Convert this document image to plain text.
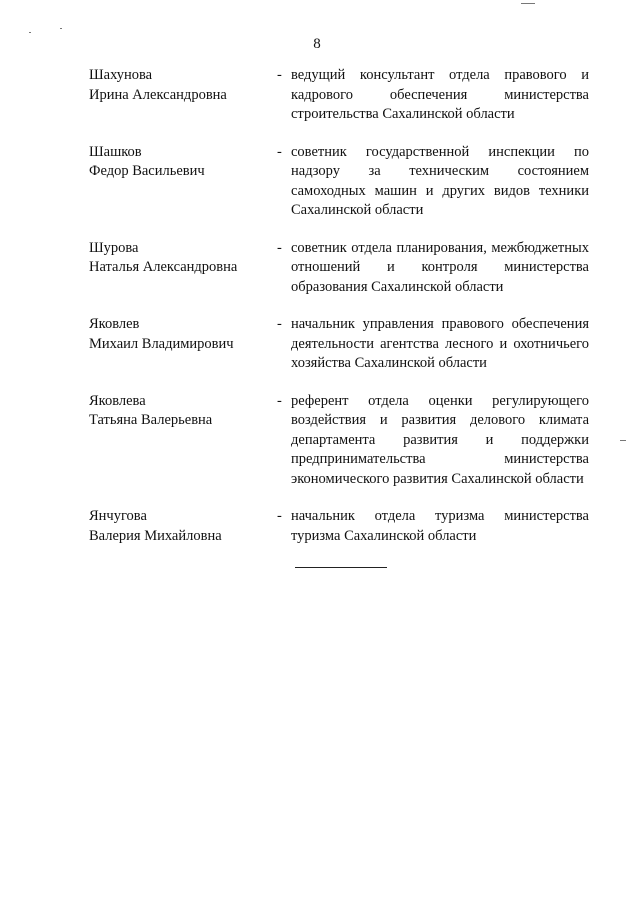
8
Шахунова
Ирина Александровна
- ведущий консультант отдела правового и кадрового обеспечения министерства строительства Сахалинской области
Шашков
Федор Васильевич
- советник государственной инспекции по надзору за техническим состоянием самоходных машин и других видов техники Сахалинской области
Шурова
Наталья Александровна
- советник отдела планирования, межбюджетных отношений и контроля министерства образования Сахалинской области
Яковлев
Михаил Владимирович
- начальник управления правового обеспечения деятельности агентства лесного и охотничьего хозяйства Сахалинской области
Яковлева
Татьяна Валерьевна
- референт отдела оценки регулирующего воздействия и развития делового климата департамента развития и поддержки предпринимательства министерства экономического развития Сахалинской области
Янчугова
Валерия Михайловна
- начальник отдела туризма министерства туризма Сахалинской области
